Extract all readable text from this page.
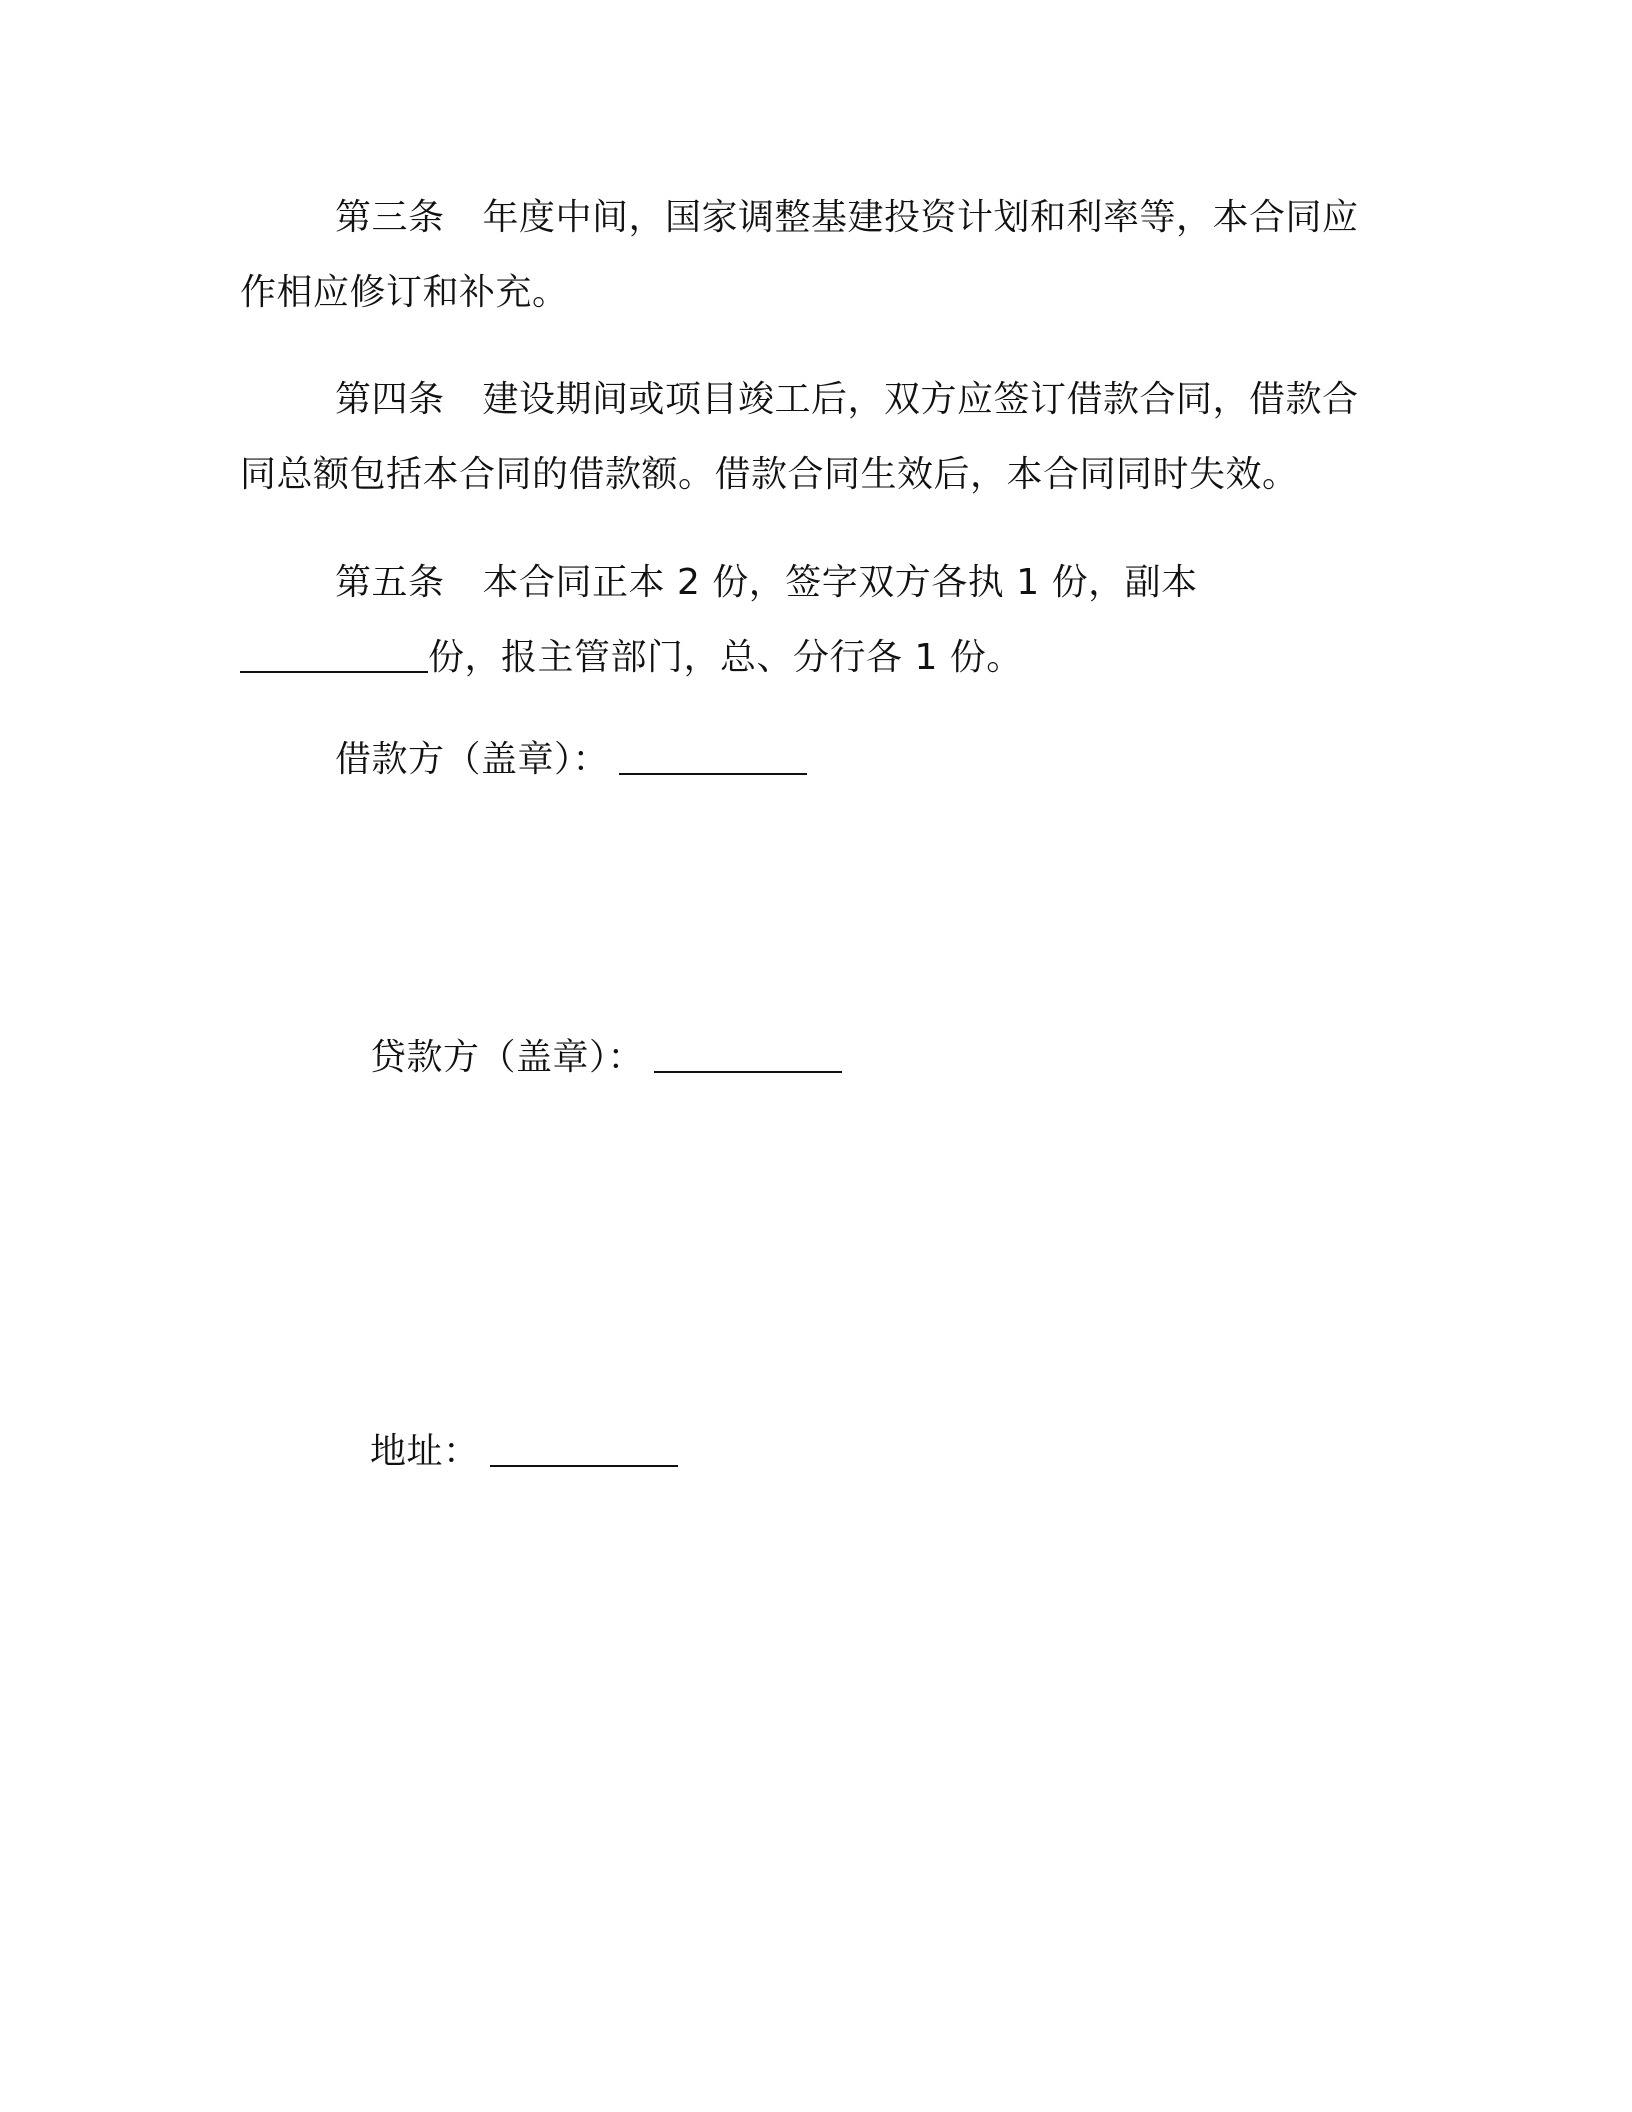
第三条 年度中间，国家调整基建投资计划和利率等，本合同应作相应修订和补充。

第四条 建设期间或项目竣工后，双方应签订借款合同，借款合同总额包括本合同的借款额。借款合同生效后，本合同同时失效。

第五条 本合同正本 2 份，签字双方各执 1 份，副本份，报主管部门，总、分行各 1 份。

借款方（盖章）：
贷款方（盖章）：
地址：
